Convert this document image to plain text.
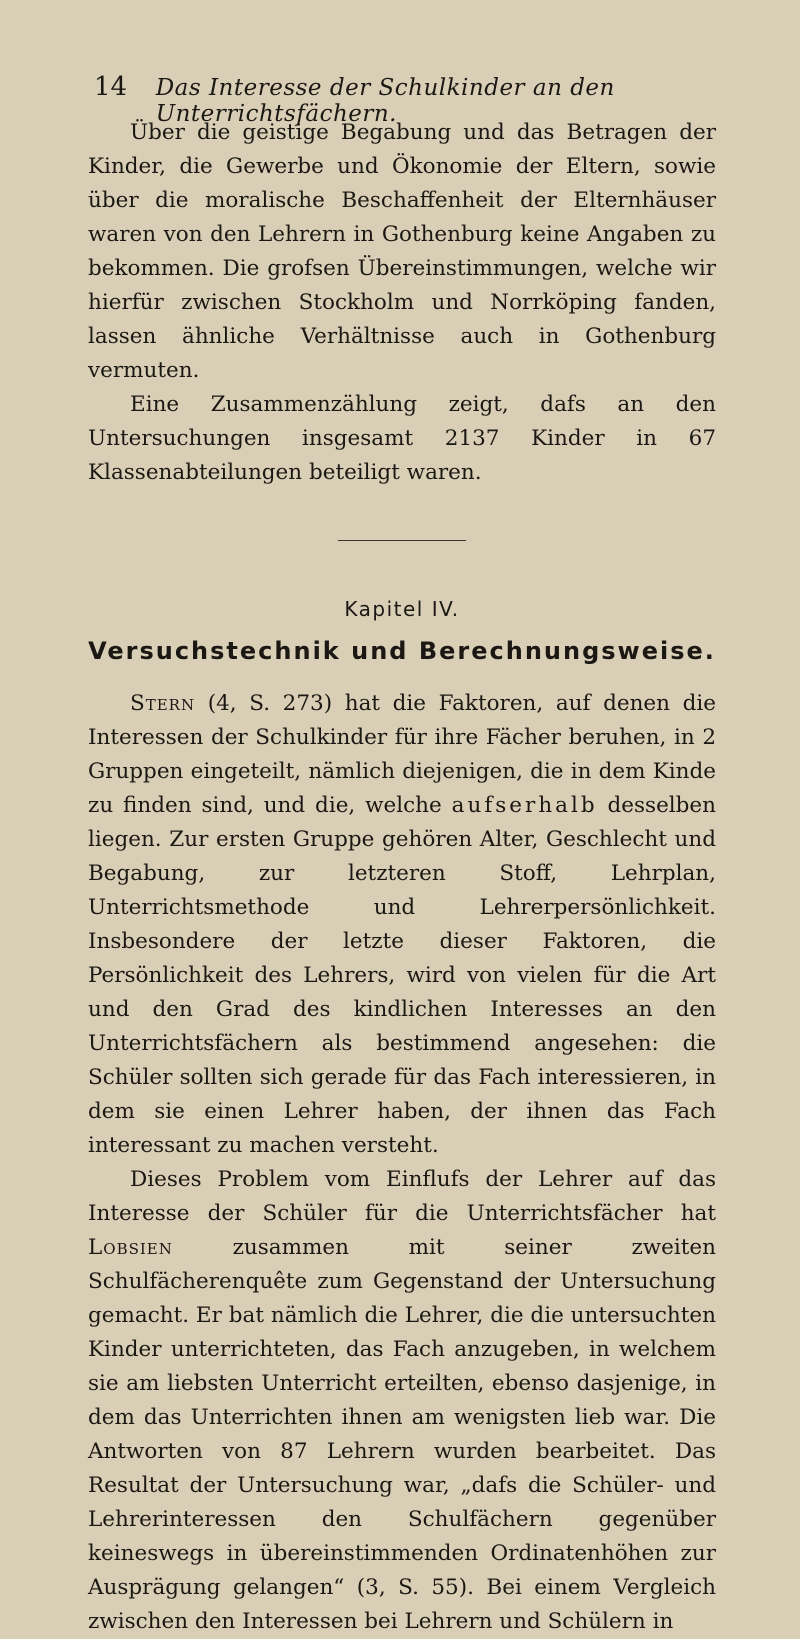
14	Das Interesse der Schulkinder an den Unterrichtsfächern.

Über die geistige Begabung und das Betragen der Kinder, die Gewerbe und Ökonomie der Eltern, sowie über die moralische Beschaffenheit der Elternhäuser waren von den Lehrern in Gothenburg keine Angaben zu bekommen. Die grofsen Übereinstimmungen, welche wir hierfür zwischen Stockholm und Norrköping fanden, lassen ähnliche Verhältnisse auch in Gothenburg vermuten.

Eine Zusammenzählung zeigt, dafs an den Untersuchungen insgesamt 2137 Kinder in 67 Klassenabteilungen beteiligt waren.

Kapitel IV.
Versuchstechnik und Berechnungsweise.

Stern (4, S. 273) hat die Faktoren, auf denen die Interessen der Schulkinder für ihre Fächer beruhen, in 2 Gruppen eingeteilt, nämlich diejenigen, die in dem Kinde zu finden sind, und die, welche aufserhalb desselben liegen. Zur ersten Gruppe gehören Alter, Geschlecht und Begabung, zur letzteren Stoff, Lehrplan, Unterrichtsmethode und Lehrerpersönlichkeit. Insbesondere der letzte dieser Faktoren, die Persönlichkeit des Lehrers, wird von vielen für die Art und den Grad des kindlichen Interesses an den Unterrichtsfächern als bestimmend angesehen: die Schüler sollten sich gerade für das Fach interessieren, in dem sie einen Lehrer haben, der ihnen das Fach interessant zu machen versteht.

Dieses Problem vom Einflufs der Lehrer auf das Interesse der Schüler für die Unterrichtsfächer hat Lobsien zusammen mit seiner zweiten Schulfächerenquête zum Gegenstand der Untersuchung gemacht. Er bat nämlich die Lehrer, die die untersuchten Kinder unterrichteten, das Fach anzugeben, in welchem sie am liebsten Unterricht erteilten, ebenso dasjenige, in dem das Unterrichten ihnen am wenigsten lieb war. Die Antworten von 87 Lehrern wurden bearbeitet. Das Resultat der Untersuchung war, „dafs die Schüler- und Lehrerinteressen den Schulfächern gegenüber keineswegs in übereinstimmenden Ordinatenhöhen zur Ausprägung gelangen“ (3, S. 55). Bei einem Vergleich zwischen den Interessen bei Lehrern und Schülern in
